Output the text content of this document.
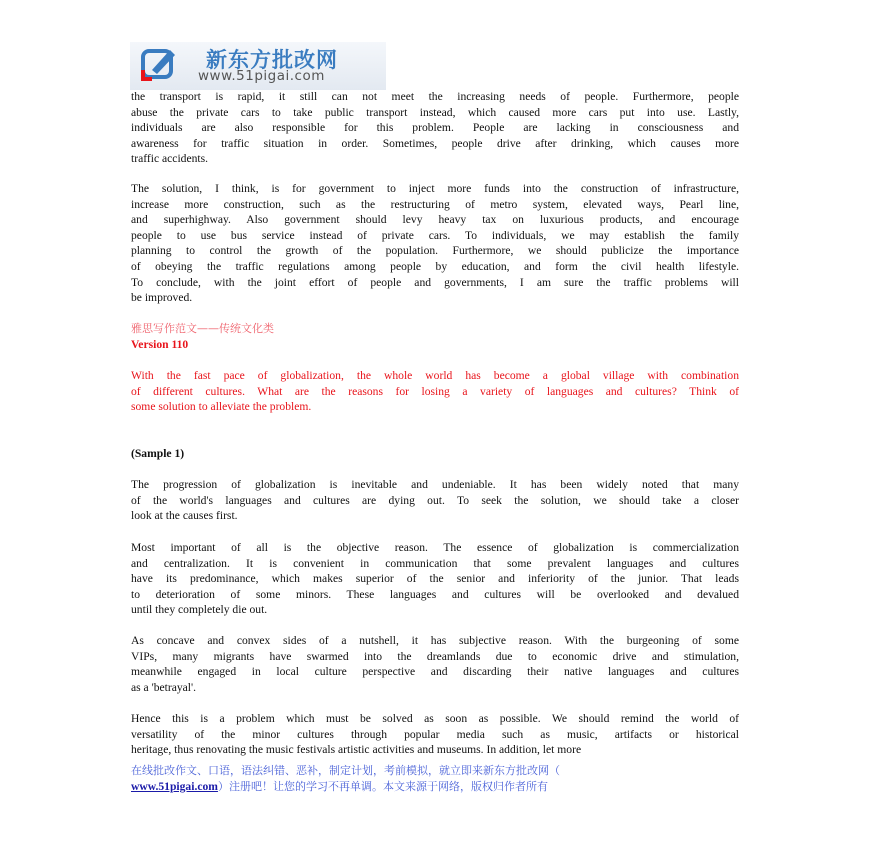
新东方批改网
www.51pigai.com
the transport is rapid, it still can not meet the increasing needs of people. Furthermore, people
abuse the private cars to take public transport instead, which caused more cars put into use. Lastly,
individuals are also responsible for this problem. People are lacking in consciousness and
awareness for traffic situation in order. Sometimes, people drive after drinking, which causes more
traffic accidents.
The solution, I think, is for government to inject more funds into the construction of infrastructure,
increase more construction, such as the restructuring of metro system, elevated ways, Pearl line,
and superhighway. Also government should levy heavy tax on luxurious products, and encourage
people to use bus service instead of private cars. To individuals, we may establish the family
planning to control the growth of the population. Furthermore, we should publicize the importance
of obeying the traffic regulations among people by education, and form the civil health lifestyle.
To conclude, with the joint effort of people and governments, I am sure the traffic problems will
be improved.
雅思写作范文——传统文化类
Version 110
With the fast pace of globalization, the whole world has become a global village with combination
of different cultures. What are the reasons for losing a variety of languages and cultures? Think of
some solution to alleviate the problem.
(Sample 1)
The progression of globalization is inevitable and undeniable. It has been widely noted that many
of the world's languages and cultures are dying out. To seek the solution, we should take a closer
look at the causes first.
Most important of all is the objective reason. The essence of globalization is commercialization
and centralization. It is convenient in communication that some prevalent languages and cultures
have its predominance, which makes superior of the senior and inferiority of the junior. That leads
to deterioration of some minors. These languages and cultures will be overlooked and devalued
until they completely die out.
As concave and convex sides of a nutshell, it has subjective reason. With the burgeoning of some
VIPs, many migrants have swarmed into the dreamlands due to economic drive and stimulation,
meanwhile engaged in local culture perspective and discarding their native languages and cultures
as a 'betrayal'.
Hence this is a problem which must be solved as soon as possible. We should remind the world of
versatility of the minor cultures through popular media such as music, artifacts or historical
heritage, thus renovating the music festivals artistic activities and museums. In addition, let more
在线批改作文、口语，语法纠错、恶补，制定计划，考前模拟，就立即来新东方批改网（
www.51pigai.com）注册吧！让您的学习不再单调。本文来源于网络，版权归作者所有
